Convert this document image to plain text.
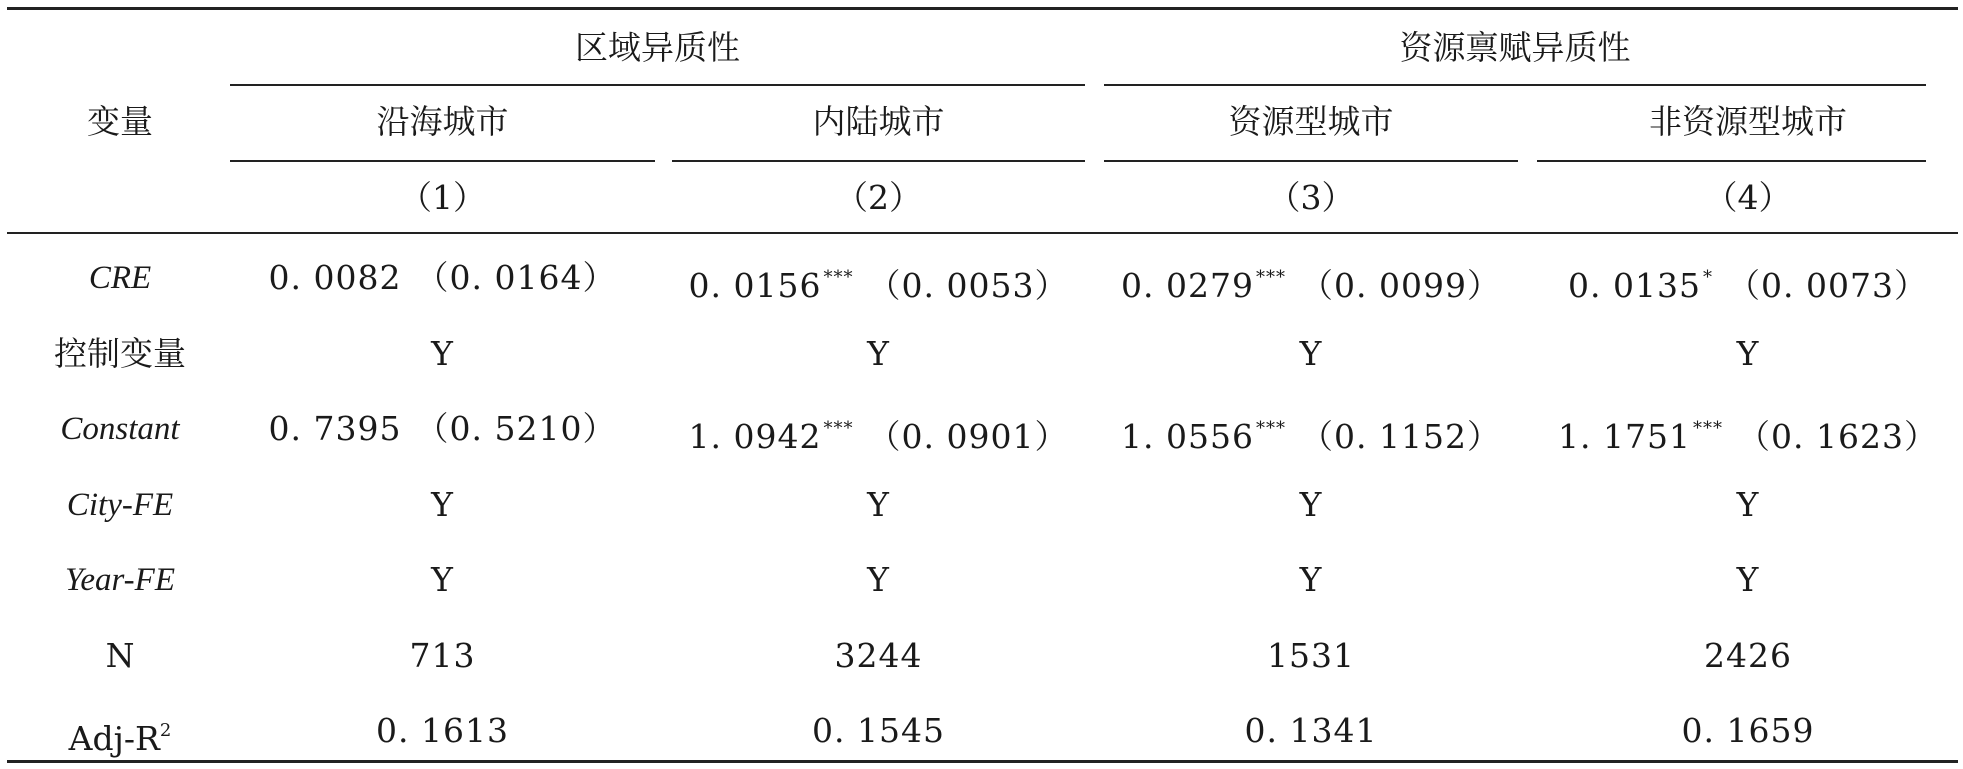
变量
区域异质性	资源禀赋异质性
沿海城市	内陆城市	资源型城市	非资源型城市
（1）	（2）	（3）	（4）
CRE	0. 0082 （0. 0164）	0. 0156 *** （0. 0053）	0. 0279 *** （0. 0099）	0. 0135 * （0. 0073）
控制变量	Y	Y	Y	Y
Constant	0. 7395 （0. 5210）	1. 0942 *** （0. 0901）	1. 0556 *** （0. 1152）	1. 1751 *** （0. 1623）
City-FE	Y	Y	Y	Y
Year-FE	Y	Y	Y	Y
N	713	3244	1531	2426
Adj-$R^2$	0. 1613	0. 1545	0. 1341	0. 1659
